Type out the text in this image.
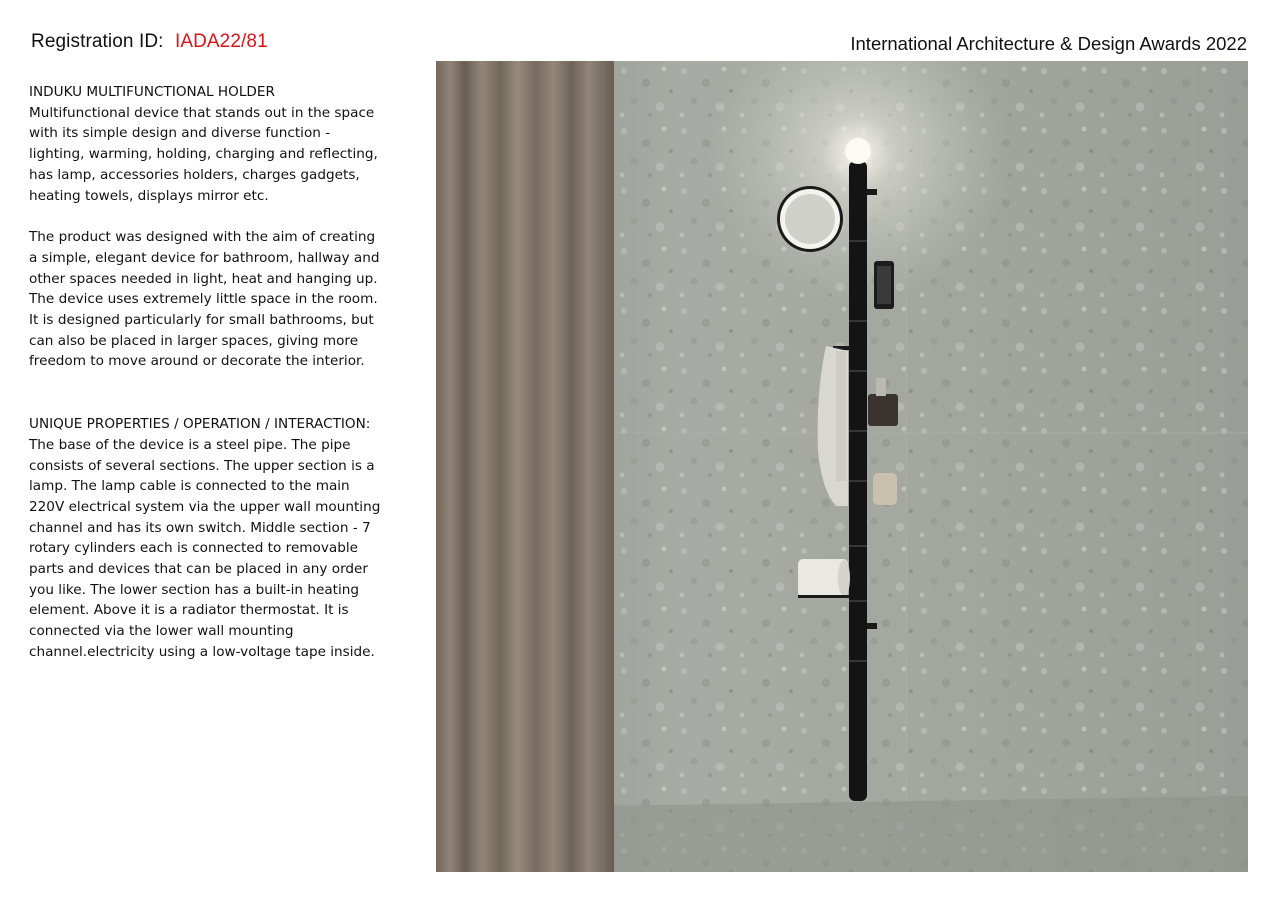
Registration ID: IADA22/81	International Architecture & Design Awards 2022

INDUKU MULTIFUNCTIONAL HOLDER

Multifunctional device that stands out in the space with its simple design and diverse function - lighting, warming, holding, charging and reflecting, has lamp, accessories holders, charges gadgets, heating towels, displays mirror etc.

The product was designed with the aim of creating a simple, elegant device for bathroom, hallway and other spaces needed in light, heat and hanging up. The device uses extremely little space in the room. It is designed particularly for small bathrooms, but can also be placed in larger spaces, giving more freedom to move around or decorate the interior.

UNIQUE PROPERTIES / OPERATION / INTERACTION:

The base of the device is a steel pipe. The pipe consists of several sections. The upper section is a lamp. The lamp cable is connected to the main 220V electrical system via the upper wall mounting channel and has its own switch. Middle section - 7 rotary cylinders each is connected to removable parts and devices that can be placed in any order you like. The lower section has a built-in heating element. Above it is a radiator thermostat. It is connected via the lower wall mounting channel.electricity using a low-voltage tape inside.
